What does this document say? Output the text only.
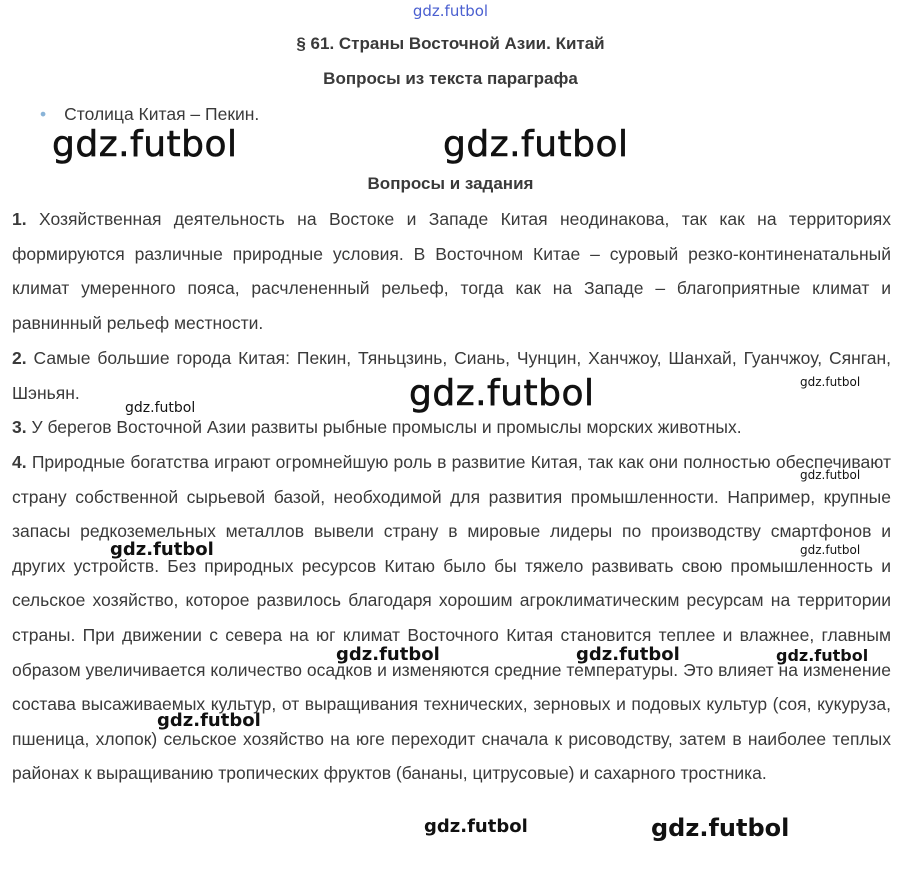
gdz.futbol
§ 61. Страны Восточной Азии. Китай
Вопросы из текста параграфа
• Столица Китая – Пекин.
Вопросы и задания

1. Хозяйственная деятельность на Востоке и Западе Китая неодинакова, так как на территориях формируются различные природные условия. В Восточном Китае – суровый резко-континенатальный климат умеренного пояса, расчлененный рельеф, тогда как на Западе – благоприятные климат и равнинный рельеф местности.

2. Самые большие города Китая: Пекин, Тяньцзинь, Сиань, Чунцин, Ханчжоу, Шанхай, Гуанчжоу, Сянган, Шэньян.

3. У берегов Восточной Азии развиты рыбные промыслы и промыслы морских животных.

4. Природные богатства играют огромнейшую роль в развитие Китая, так как они полностью обеспечивают страну собственной сырьевой базой, необходимой для развития промышленности. Например, крупные запасы редкоземельных металлов вывели страну в мировые лидеры по производству смартфонов и других устройств. Без природных ресурсов Китаю было бы тяжело развивать свою промышленность и сельское хозяйство, которое развилось благодаря хорошим агроклиматическим ресурсам на территории страны. При движении с севера на юг климат Восточного Китая становится теплее и влажнее, главным образом увеличивается количество осадков и изменяются средние температуры. Это влияет на изменение состава высаживаемых культур, от выращивания технических, зерновых и подовых культур (соя, кукуруза, пшеница, хлопок) сельское хозяйство на юге переходит сначала к рисоводству, затем в наиболее теплых районах к выращиванию тропических фруктов (бананы, цитрусовые) и сахарного тростника.

gdz.futbol	gdz.futbol
gdz.futbol	gdz.futbol
gdz.futbol
gdz.futbol
gdz.futbol	gdz.futbol
gdz.futbol	gdz.futbol	gdz.futbol
gdz.futbol
gdz.futbol	gdz.futbol
